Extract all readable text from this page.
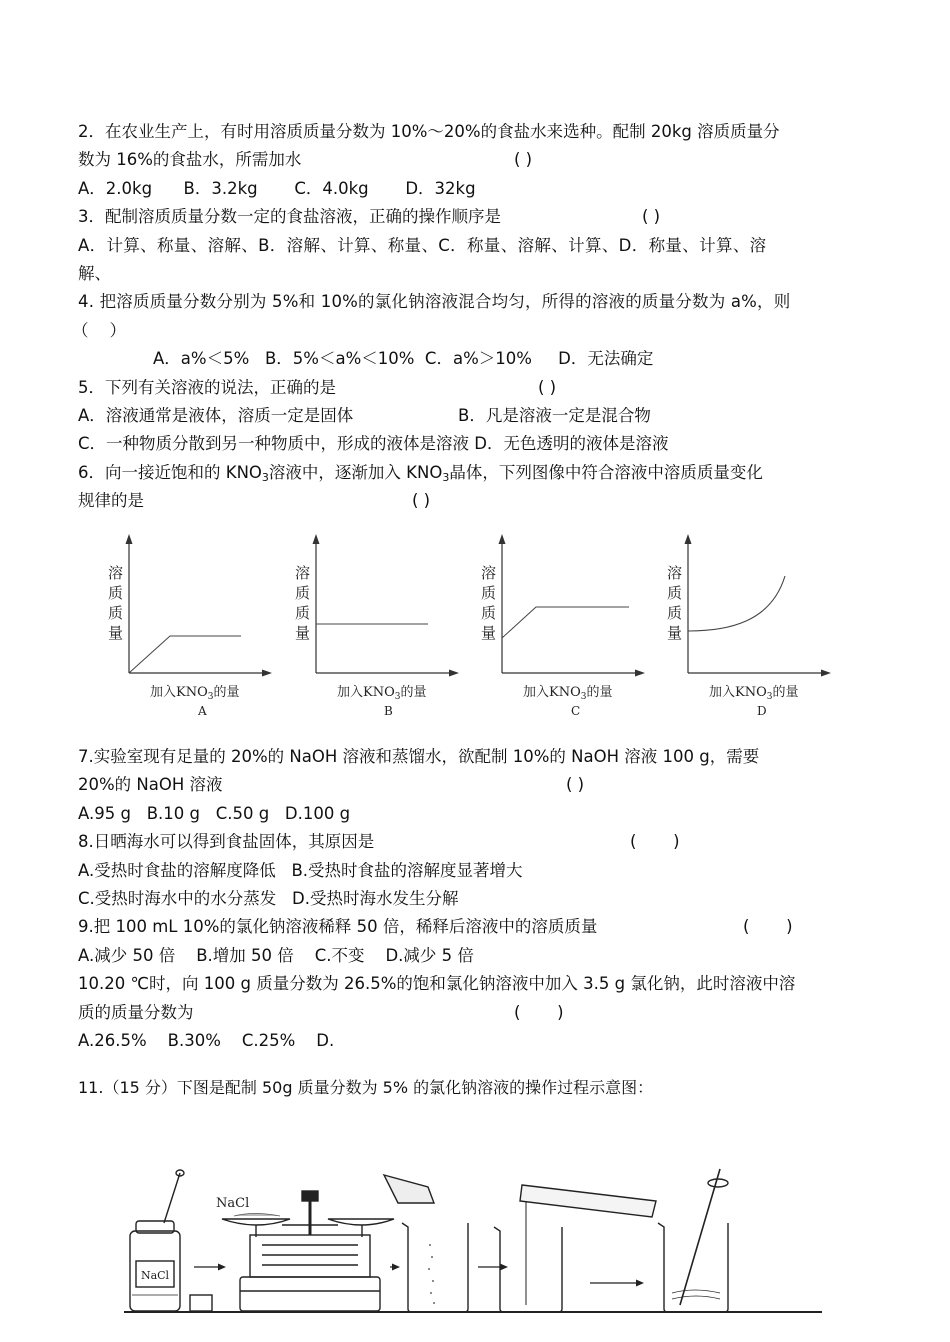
2．在农业生产上，有时用溶质质量分数为 10%～20%的食盐水来选种。配制 20kg 溶质质量分
数为 16%的食盐水，所需加水	( )
A．2.0kg      B．3.2kg       C．4.0kg       D．32kg
3．配制溶质质量分数一定的食盐溶液，正确的操作顺序是	( )
A．计算、称量、溶解、B．溶解、计算、称量、C．称量、溶解、计算、D．称量、计算、溶
解、
4. 把溶质质量分数分别为 5%和 10%的氯化钠溶液混合均匀，所得的溶液的质量分数为 a%，则
（    ）
A．a%＜5%   B．5%＜a%＜10%  C．a%＞10%     D．无法确定
5．下列有关溶液的说法，正确的是	( )
A．溶液通常是液体，溶质一定是固体	B．凡是溶液一定是混合物
C．一种物质分散到另一种物质中，形成的液体是溶液 D．无色透明的液体是溶液
6．向一接近饱和的 $KNO_3$溶液中，逐渐加入 $KNO_3$晶体，下列图像中符合溶液中溶质质量变化
规律的是	( )
溶
质
质
量
加入$KNO_3$的量
A
溶
质
质
量
加入$KNO_3$的量
B
溶
质
质
量
加入$KNO_3$的量
C
溶
质
质
量
加入$KNO_3$的量
D
7.实验室现有足量的 20%的 NaOH 溶液和蒸馏水，欲配制 10%的 NaOH 溶液 100 g，需要
20%的 NaOH 溶液	( )
A.95 g   B.10 g   C.50 g   D.100 g
8.日晒海水可以得到食盐固体，其原因是	(       )
A.受热时食盐的溶解度降低   B.受热时食盐的溶解度显著增大
C.受热时海水中的水分蒸发   D.受热时海水发生分解
9.把 100 mL 10%的氯化钠溶液稀释 50 倍，稀释后溶液中的溶质质量	(       )
A.减少 50 倍    B.增加 50 倍    C.不变    D.减少 5 倍
10.20 ℃时，向 100 g 质量分数为 26.5%的饱和氯化钠溶液中加入 3.5 g 氯化钠，此时溶液中溶
质的质量分数为	(       )
A.26.5%    B.30%    C.25%    D.
11.（15 分）下图是配制 50g 质量分数为 5% 的氯化钠溶液的操作过程示意图：
NaCl
NaCl
